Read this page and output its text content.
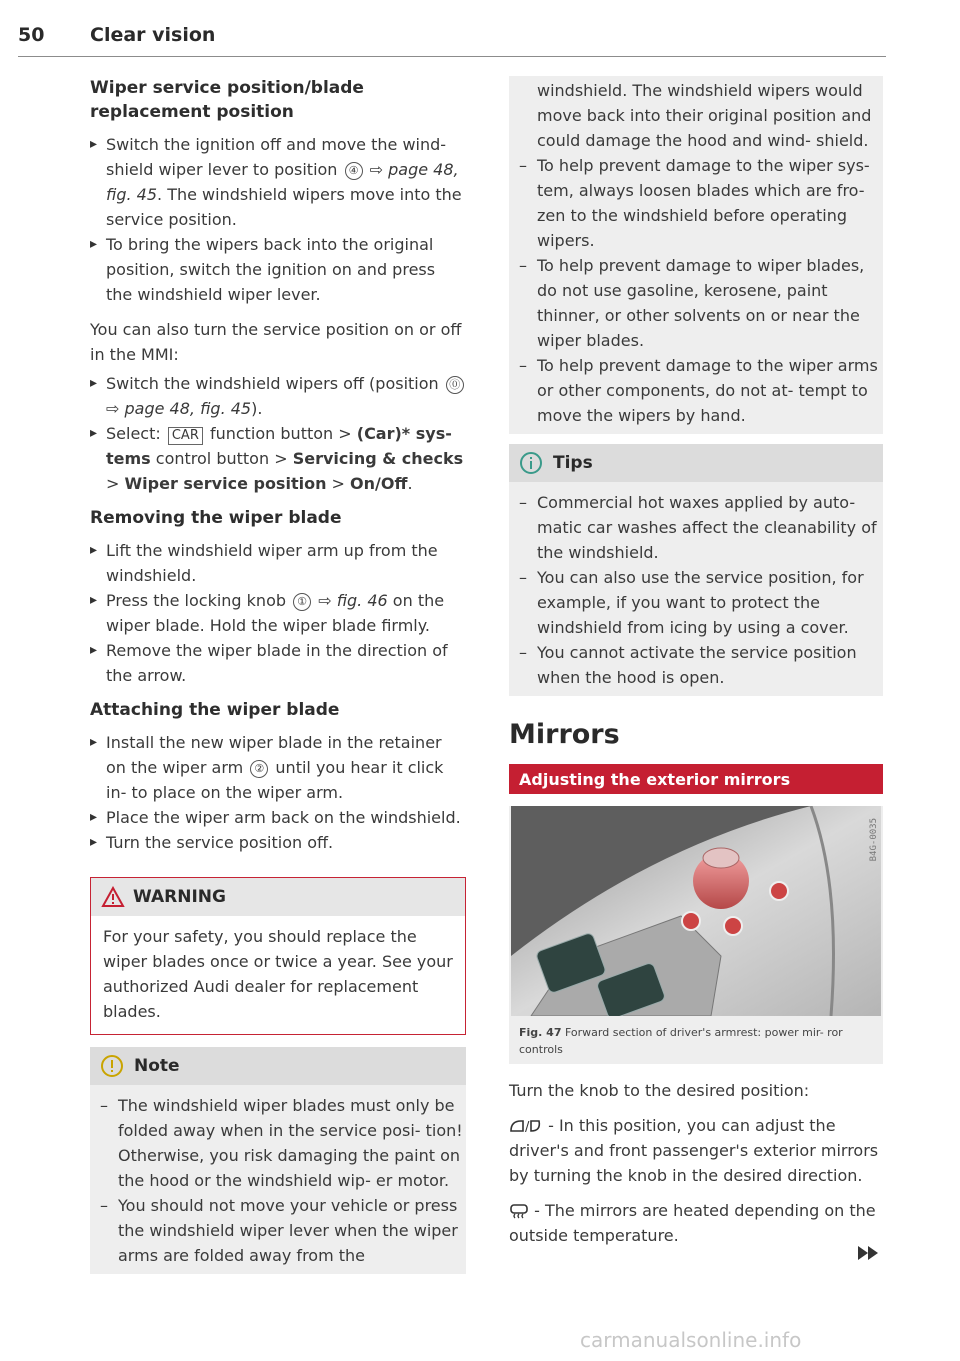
50 Clear vision
Wiper service position/blade replacement position
▸ Switch the ignition off and move the wind- shield wiper lever to position ④ ⇨ page 48, fig. 45. The windshield wipers move into the service position.
▸ To bring the wipers back into the original position, switch the ignition on and press the windshield wiper lever.

You can also turn the service position on or off in the MMI:

▸ Switch the windshield wipers off (position ⓪ ⇨ page 48, fig. 45).
▸ Select: CAR function button > (Car)* sys- tems control button > Servicing & checks > Wiper service position > On/Off.
Removing the wiper blade
▸ Lift the windshield wiper arm up from the windshield.
▸ Press the locking knob ① ⇨ fig. 46 on the wiper blade. Hold the wiper blade firmly.
▸ Remove the wiper blade in the direction of the arrow.
Attaching the wiper blade
▸ Install the new wiper blade in the retainer on the wiper arm ② until you hear it click in- to place on the wiper arm.
▸ Place the wiper arm back on the windshield.
▸ Turn the service position off.
WARNING

For your safety, you should replace the wiper blades once or twice a year. See your authorized Audi dealer for replacement blades.

Note
– The windshield wiper blades must only be folded away when in the service posi- tion! Otherwise, you risk damaging the paint on the hood or the windshield wip- er motor.
– You should not move your vehicle or press the windshield wiper lever when the wiper arms are folded away from the

windshield. The windshield wipers would move back into their original position and could damage the hood and wind- shield.

– To help prevent damage to the wiper sys- tem, always loosen blades which are fro- zen to the windshield before operating wipers.
– To help prevent damage to wiper blades, do not use gasoline, kerosene, paint thinner, or other solvents on or near the wiper blades.
– To help prevent damage to the wiper arms or other components, do not at- tempt to move the wipers by hand.
Tips
– Commercial hot waxes applied by auto- matic car washes affect the cleanability of the windshield.
– You can also use the service position, for example, if you want to protect the windshield from icing by using a cover.
– You cannot activate the service position when the hood is open.
Mirrors
Adjusting the exterior mirrors
B4G-0035
Fig. 47 Forward section of driver's armrest: power mir- ror controls

Turn the knob to the desired position:

/ - In this position, you can adjust the driver's and front passenger's exterior mirrors by turning the knob in the desired direction.

- The mirrors are heated depending on the outside temperature.

carmanualsonline.info
